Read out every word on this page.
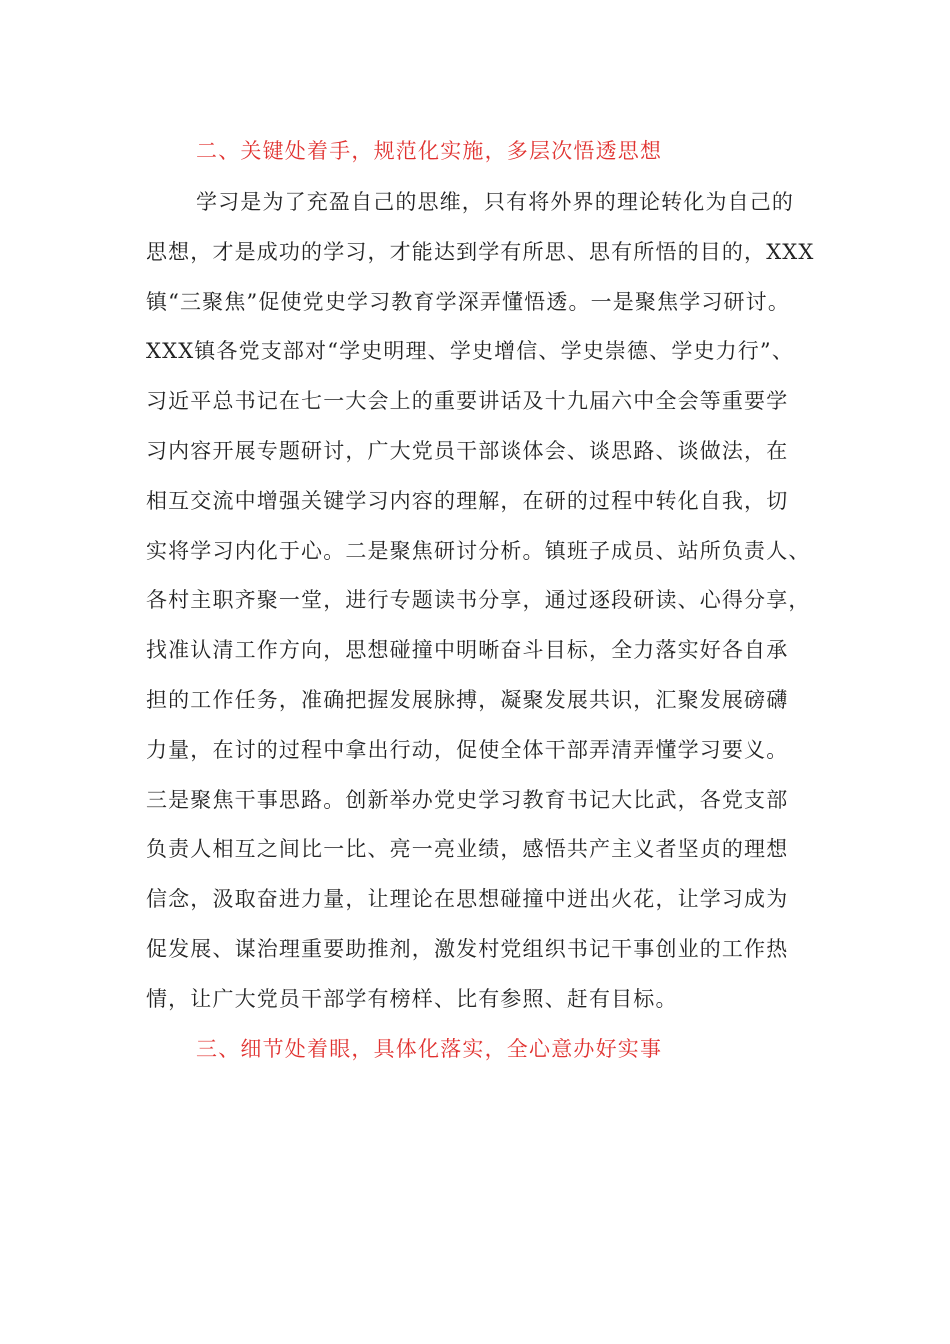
二、关键处着手，规范化实施，多层次悟透思想
学习是为了充盈自己的思维，只有将外界的理论转化为自己的
思想，才是成功的学习，才能达到学有所思、思有所悟的目的，XXX
镇“三聚焦”促使党史学习教育学深弄懂悟透。一是聚焦学习研讨。
XXX镇各党支部对“学史明理、学史增信、学史崇德、学史力行”、
习近平总书记在七一大会上的重要讲话及十九届六中全会等重要学
习内容开展专题研讨，广大党员干部谈体会、谈思路、谈做法，在
相互交流中增强关键学习内容的理解，在研的过程中转化自我，切
实将学习内化于心。二是聚焦研讨分析。镇班子成员、站所负责人、
各村主职齐聚一堂，进行专题读书分享，通过逐段研读、心得分享，
找准认清工作方向，思想碰撞中明晰奋斗目标，全力落实好各自承
担的工作任务，准确把握发展脉搏，凝聚发展共识，汇聚发展磅礴
力量，在讨的过程中拿出行动，促使全体干部弄清弄懂学习要义。
三是聚焦干事思路。创新举办党史学习教育书记大比武，各党支部
负责人相互之间比一比、亮一亮业绩，感悟共产主义者坚贞的理想
信念，汲取奋进力量，让理论在思想碰撞中迸出火花，让学习成为
促发展、谋治理重要助推剂，激发村党组织书记干事创业的工作热
情，让广大党员干部学有榜样、比有参照、赶有目标。
三、细节处着眼，具体化落实，全心意办好实事
